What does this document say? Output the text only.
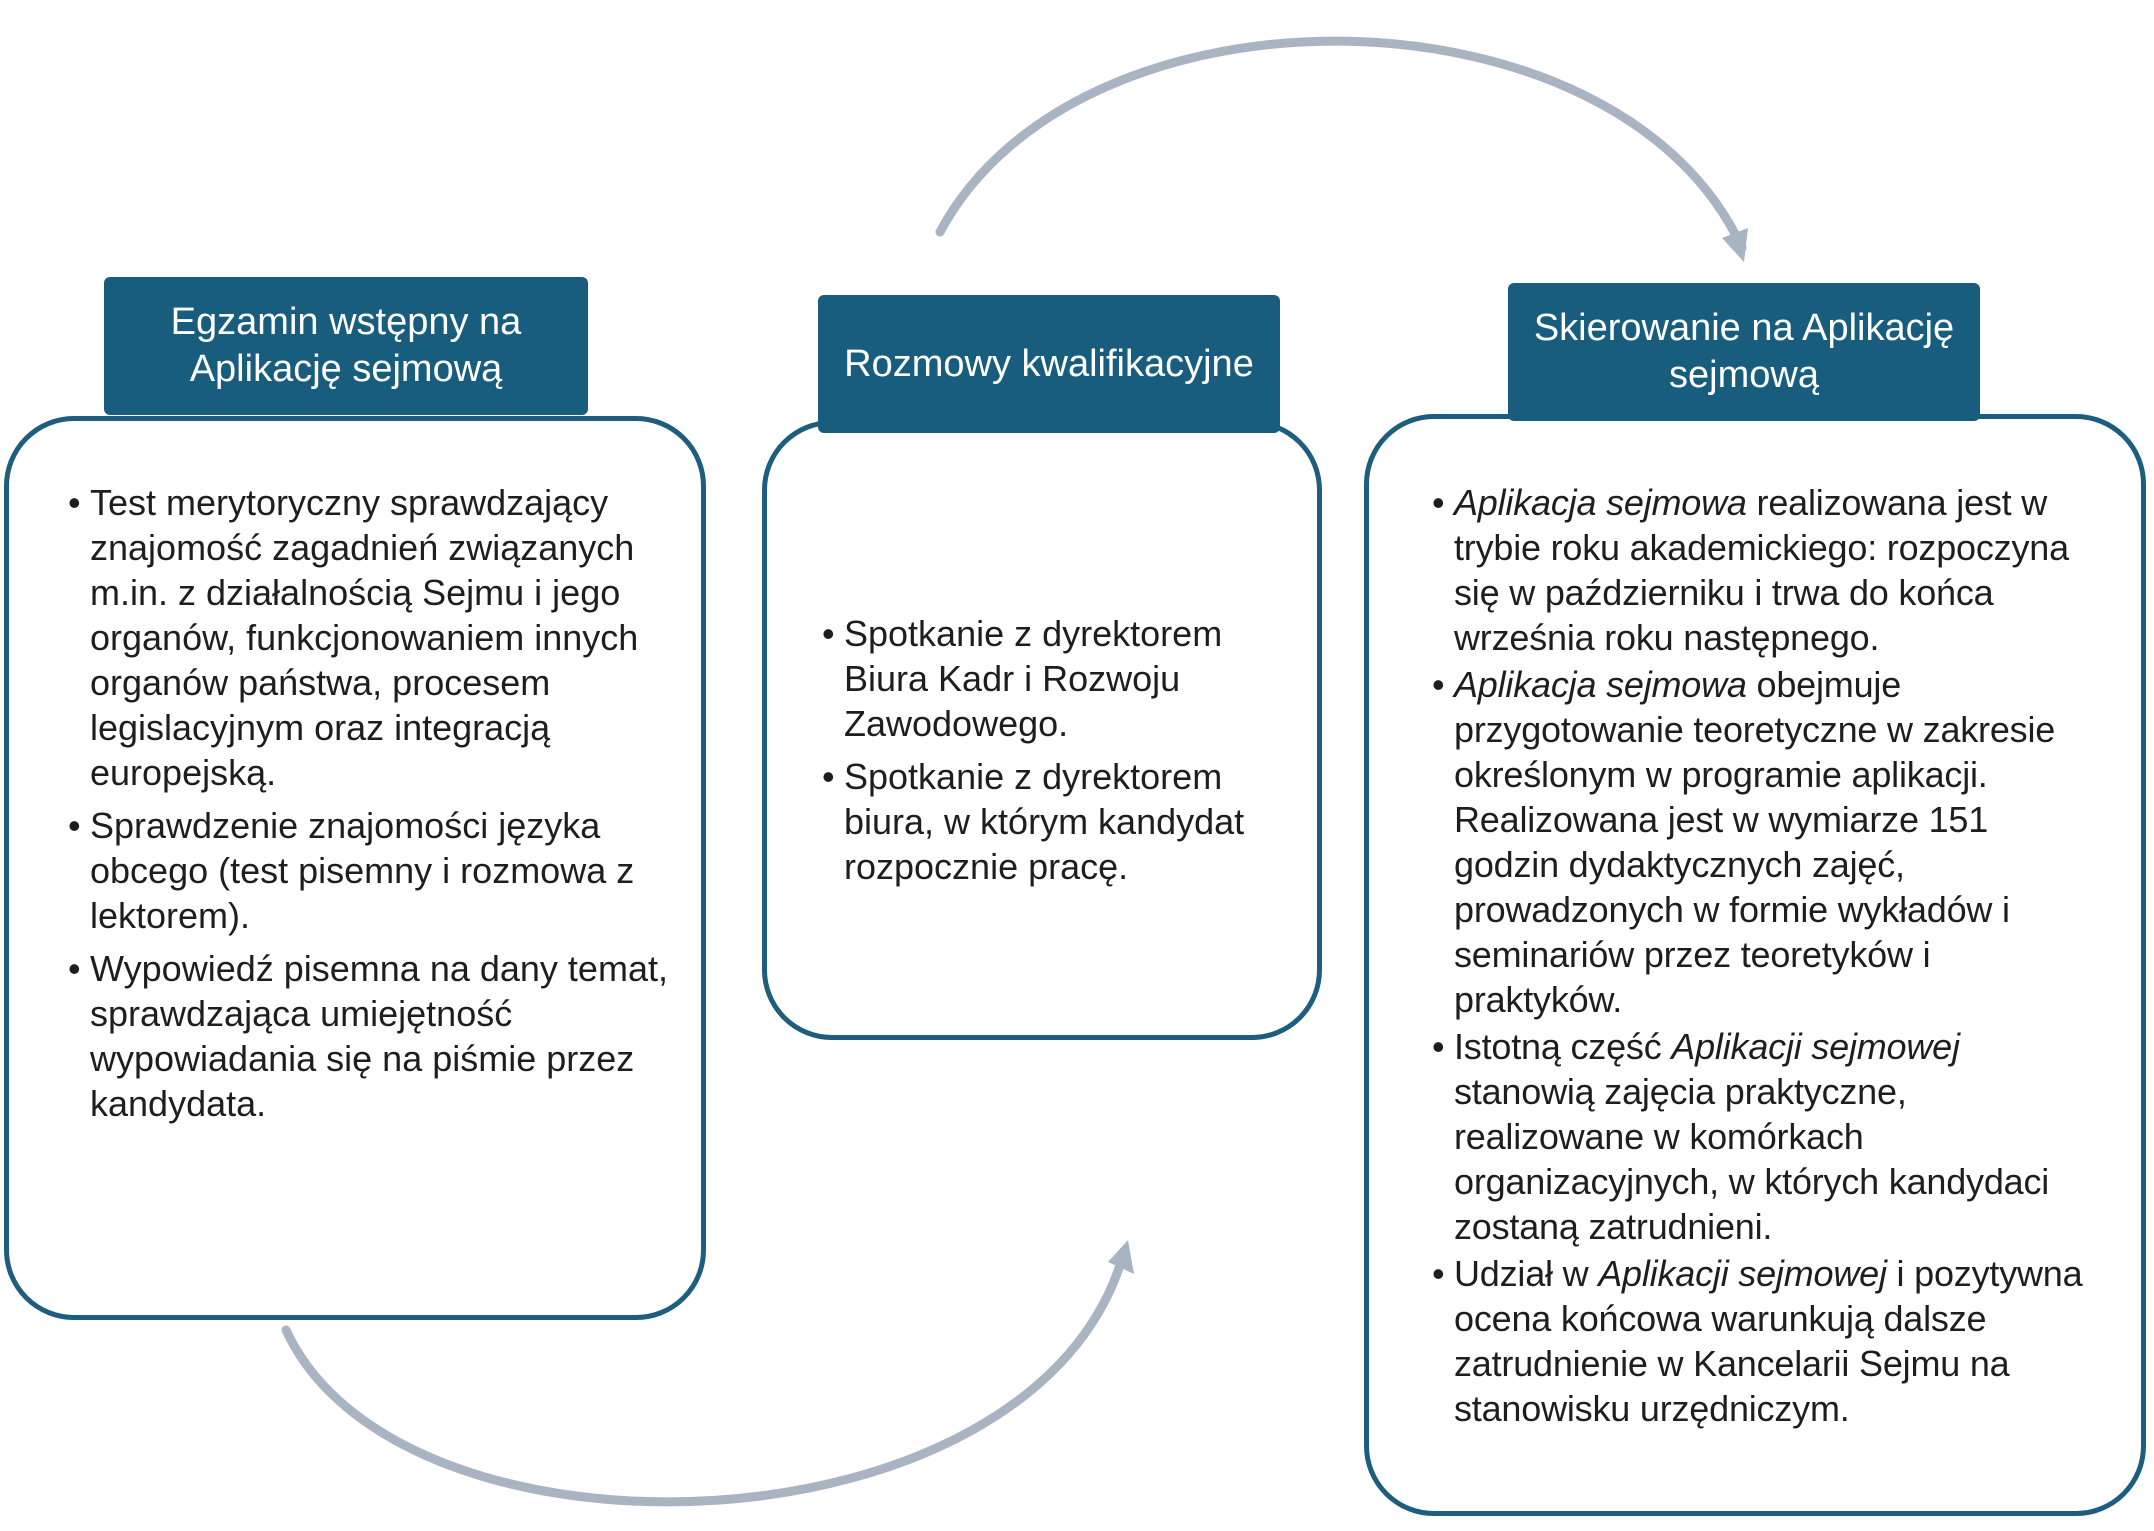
Egzamin wstępny na Aplikację sejmową
• Test merytoryczny sprawdzający znajomość zagadnień związanych m.in. z działalnością Sejmu i jego organów, funkcjonowaniem innych organów państwa, procesem legislacyjnym oraz integracją europejską.
• Sprawdzenie znajomości języka obcego (test pisemny i rozmowa z lektorem).
• Wypowiedź pisemna na dany temat, sprawdzająca umiejętność wypowiadania się na piśmie przez kandydata.
Rozmowy kwalifikacyjne
• Spotkanie z dyrektorem Biura Kadr i Rozwoju Zawodowego.
• Spotkanie z dyrektorem biura, w którym kandydat rozpocznie pracę.
Skierowanie na Aplikację sejmową
• Aplikacja sejmowa realizowana jest w trybie roku akademickiego: rozpoczyna się w październiku i trwa do końca września roku następnego.
• Aplikacja sejmowa obejmuje przygotowanie teoretyczne w zakresie określonym w programie aplikacji. Realizowana jest w wymiarze 151 godzin dydaktycznych zajęć, prowadzonych w formie wykładów i seminariów przez teoretyków i praktyków.
• Istotną część Aplikacji sejmowej stanowią zajęcia praktyczne, realizowane w komórkach organizacyjnych, w których kandydaci zostaną zatrudnieni.
• Udział w Aplikacji sejmowej i pozytywna ocena końcowa warunkują dalsze zatrudnienie w Kancelarii Sejmu na stanowisku urzędniczym.
